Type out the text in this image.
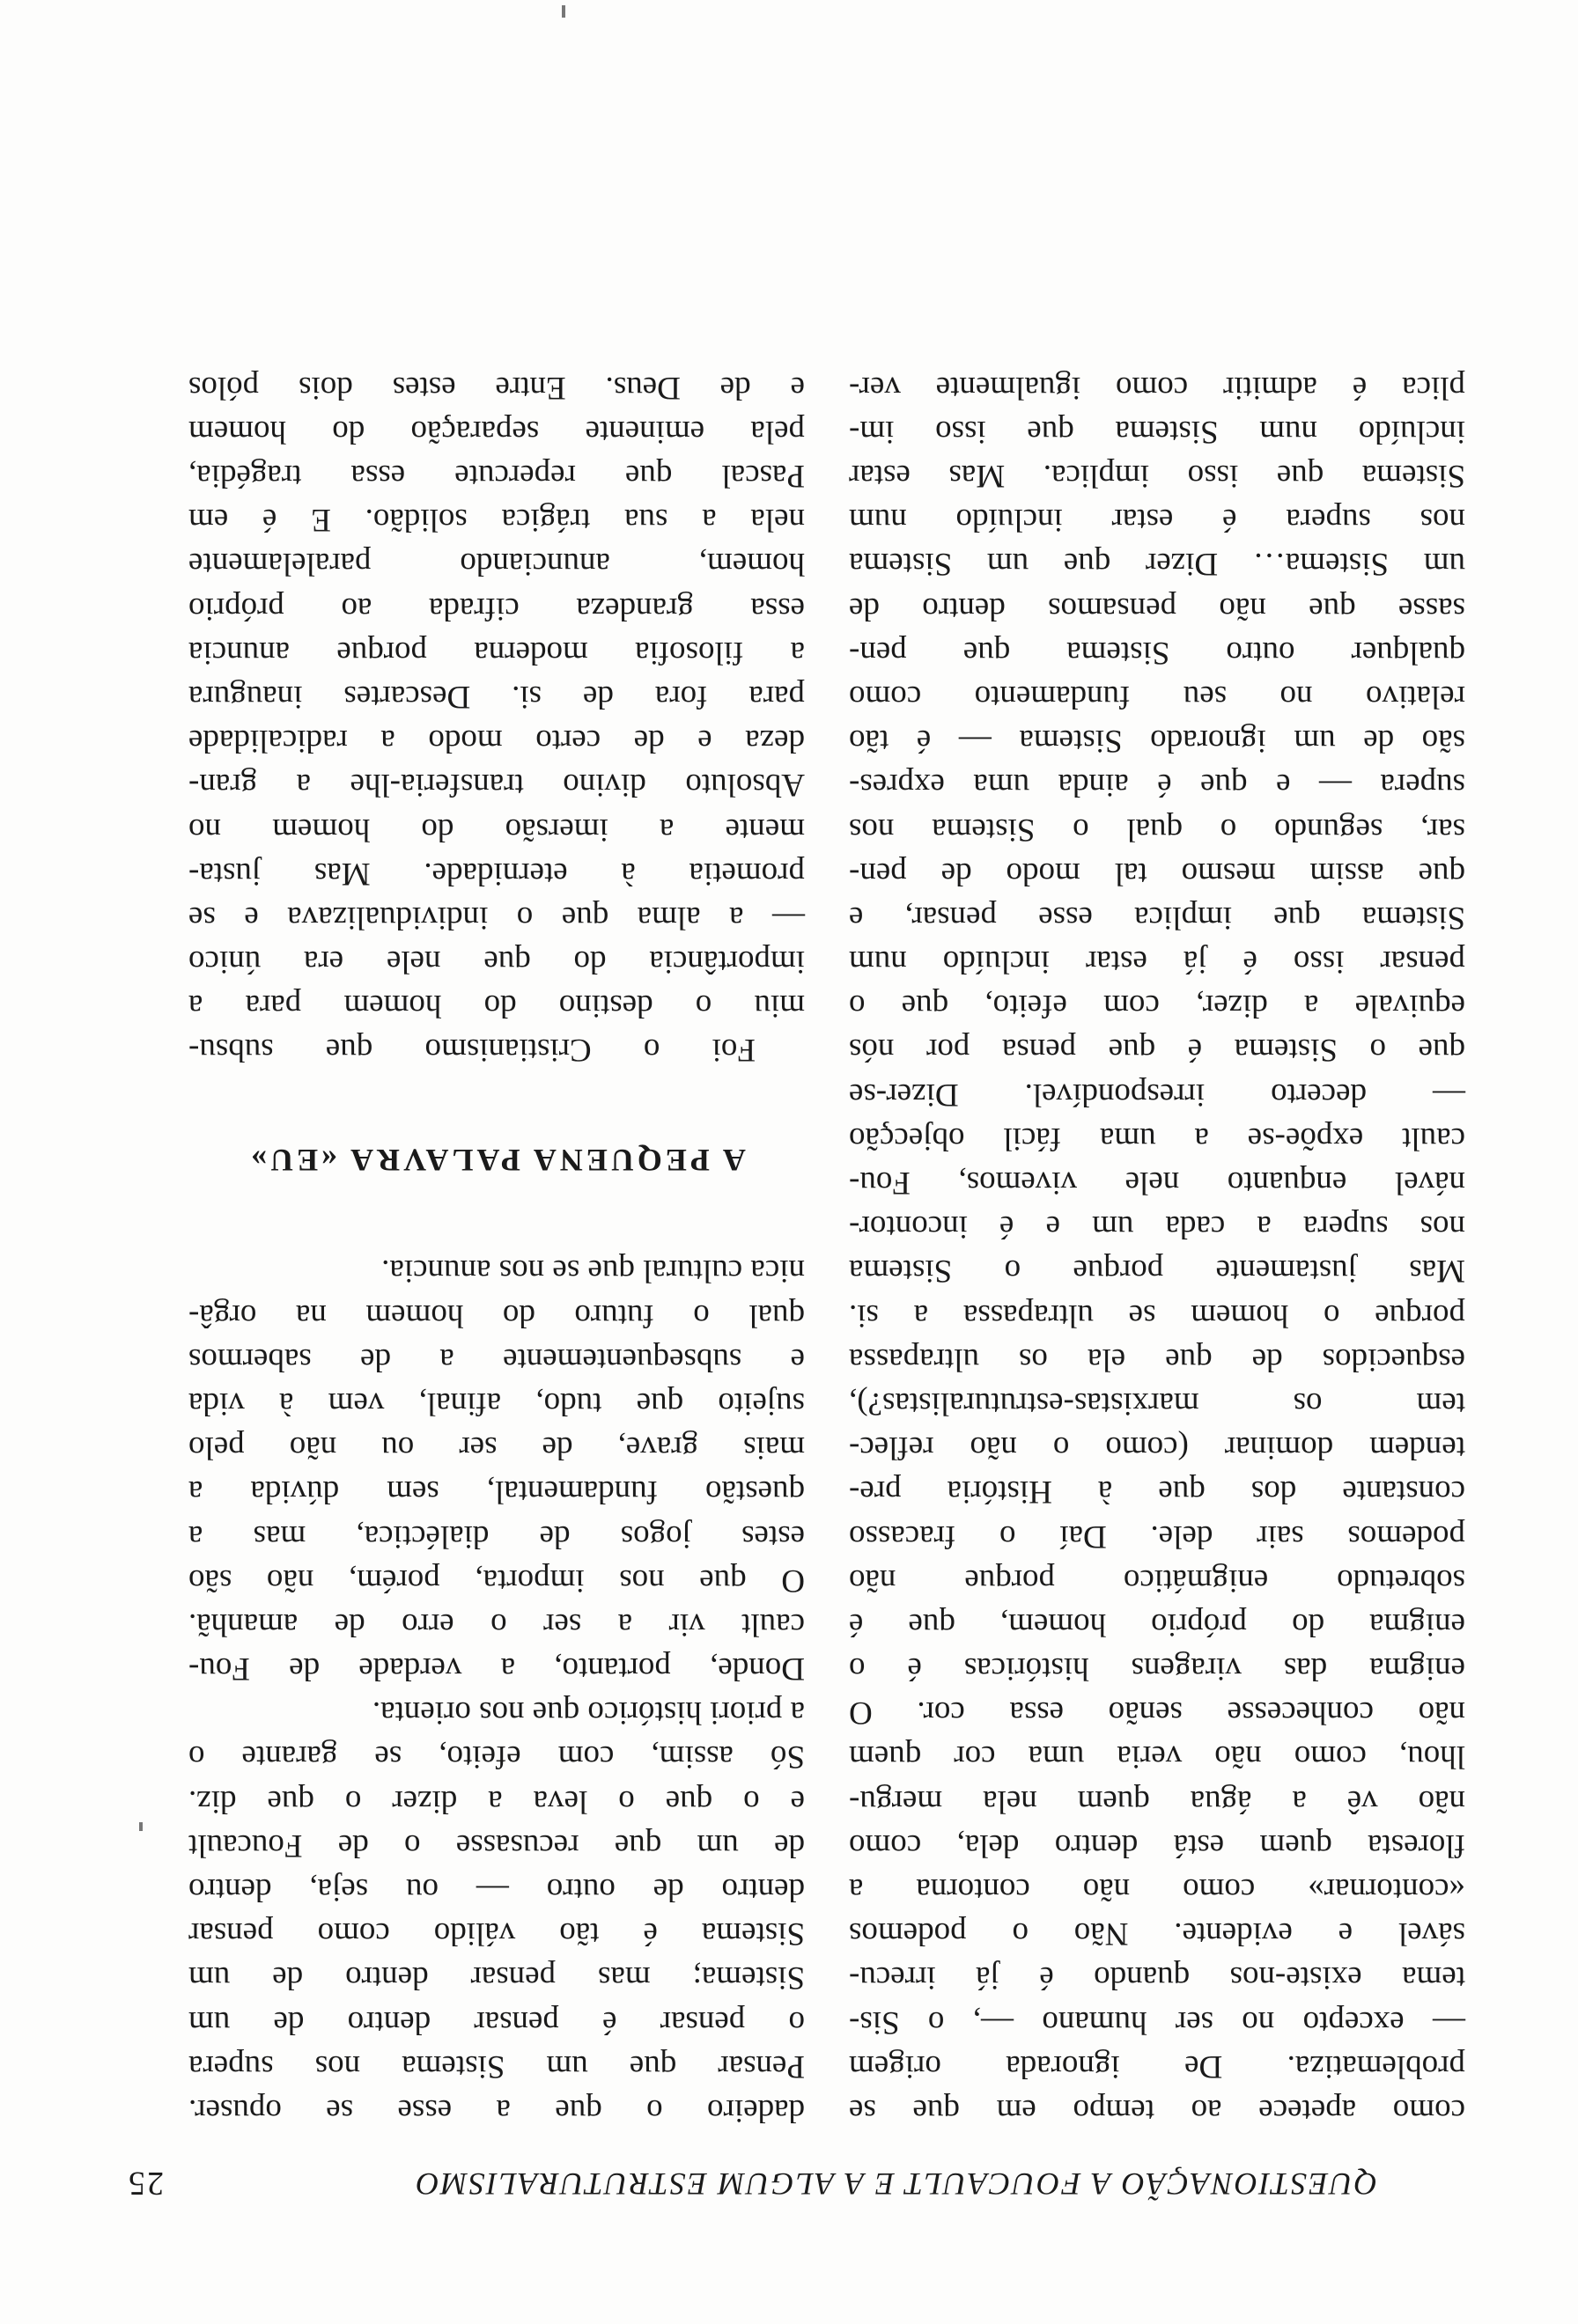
QUESTIONAÇÃO A FOUCAULT E A ALGUM ESTRUTURALISMO
25
como apetece ao tempo em que se
problematiza. De ignorada origem
— excepto no ser humano —, o Sis-
tema existe-nos quando é já irrecu-
sável e evidente. Não o podemos
«contornar» como não contorna a
floresta quem está dentro dela, como
não vê a água quem nela mergu-
lhou, como não veria uma cor quem
não conhecesse senão essa cor. O
enigma das viragens históricas é o
enigma do próprio homem, que é
sobretudo enigmático porque não
podemos sair dele. Daí o fracasso
constante dos que à História pre-
tendem dominar (como o não reflec-
tem os marxistas-estruturalistas?),
esquecidos de que ela os ultrapassa
porque o homem se ultrapassa a si.
Mas justamente porque o Sistema
nos supera a cada um e é incontor-
nável enquanto nele vivemos, Fou-
cault expõe-se a uma fácil objecção
— decerto irrespondível. Dizer-se
que o Sistema é que pensa por nós
equivale a dizer, com efeito, que o
pensar isso é já estar incluído num
Sistema que implica esse pensar, e
que assim mesmo tal modo de pen-
sar, segundo o qual o Sistema nos
supera — e que é ainda uma expres-
são de um ignorado Sistema — é tão
relativo no seu fundamento como
qualquer outro Sistema que pen-
sasse que não pensamos dentro de
um Sistema… Dizer que um Sistema
nos supera é estar incluído num
Sistema que isso implica. Mas estar
incluído num Sistema que isso im-
plica é admitir como igualmente ver-
dadeiro o que a esse se opuser.
Pensar que um Sistema nos supera
o pensar é pensar dentro de um
Sistema; mas pensar dentro de um
Sistema é tão válido como pensar
dentro de outro — ou seja, dentro
de um que recusasse o de Foucault
e o que o leva a dizer o que diz.
Só assim, com efeito, se garante o
a priori histórico que nos orienta.
Donde, portanto, a verdade de Fou-
cault vir a ser o erro de amanhã.
O que nos importa, porém, não são
estes jogos de dialéctica, mas a
questão fundamental, sem dúvida a
mais grave, de ser ou não pelo
sujeito que tudo, afinal, vem à vida
e subsequentemente a de sabermos
qual o futuro do homem na orgâ-
nica cultural que se nos anuncia.
A PEQUENA PALAVRA «EU»
Foi o Cristianismo que subsu-
miu o destino do homem para a
importância do que nele era único
— a alma que o individualizava e se
prometia à eternidade. Mas justa-
mente a imersão do homem no
Absoluto divino transferia-lhe a gran-
deza e de certo modo a radicalidade
para fora de si. Descartes inaugura
a filosofia moderna porque anuncia
essa grandeza cifrada ao próprio
homem, anunciando paralelamente
nela a sua trágica solidão. E é em
Pascal que repercute essa tragédia,
pela eminente separação do homem
e de Deus. Entre estes dois pólos
